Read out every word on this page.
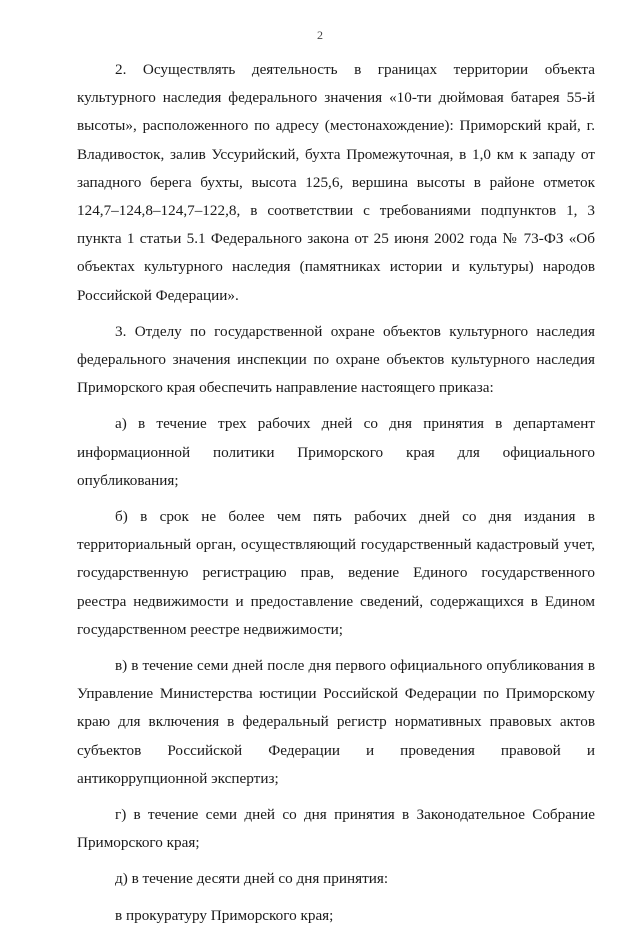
2

2. Осуществлять деятельность в границах территории объекта культурного наследия федерального значения «10-ти дюймовая батарея 55-й высоты», расположенного по адресу (местонахождение): Приморский край, г. Владивосток, залив Уссурийский, бухта Промежуточная, в 1,0 км к западу от западного берега бухты, высота 125,6, вершина высоты в районе отметок 124,7–124,8–124,7–122,8, в соответствии с требованиями подпунктов 1, 3 пункта 1 статьи 5.1 Федерального закона от 25 июня 2002 года № 73-ФЗ «Об объектах культурного наследия (памятниках истории и культуры) народов Российской Федерации».

3. Отделу по государственной охране объектов культурного наследия федерального значения инспекции по охране объектов культурного наследия Приморского края обеспечить направление настоящего приказа:

а) в течение трех рабочих дней со дня принятия в департамент информационной политики Приморского края для официального опубликования;

б) в срок не более чем пять рабочих дней со дня издания в территориальный орган, осуществляющий государственный кадастровый учет, государственную регистрацию прав, ведение Единого государственного реестра недвижимости и предоставление сведений, содержащихся в Едином государственном реестре недвижимости;

в) в течение семи дней после дня первого официального опубликования в Управление Министерства юстиции Российской Федерации по Приморскому краю для включения в федеральный регистр нормативных правовых актов субъектов Российской Федерации и проведения правовой и антикоррупционной экспертиз;

г) в течение семи дней со дня принятия в Законодательное Собрание Приморского края;

д) в течение десяти дней со дня принятия:

в прокуратуру Приморского края;
